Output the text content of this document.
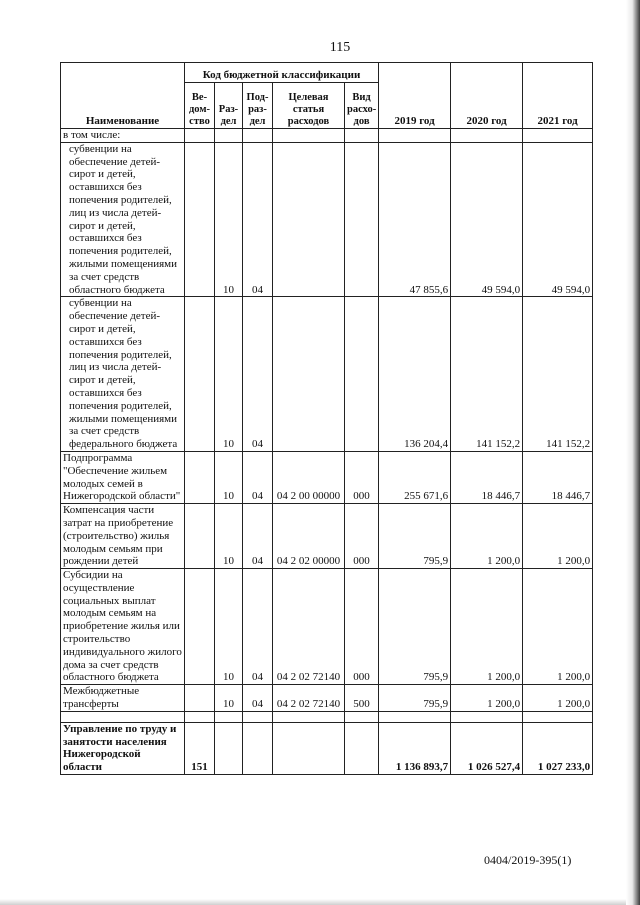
115
Наименование	Код бюджетной классификации					2019 год	2020 год	2021 год
	Ве-дом-ство	Раз-дел	Под-раз-дел	Целевая статья расходов	Вид расхо-дов			
в том числе:								
субвенции на обеспечение детей-сирот и детей, оставшихся без попечения родителей, лиц из числа детей-сирот и детей, оставшихся без попечения родителей, жилыми помещениями за счет средств областного бюджета		10	04			47 855,6	49 594,0	49 594,0
субвенции на обеспечение детей-сирот и детей, оставшихся без попечения родителей, лиц из числа детей-сирот и детей, оставшихся без попечения родителей, жилыми помещениями за счет средств федерального бюджета		10	04			136 204,4	141 152,2	141 152,2
Подпрограмма "Обеспечение жильем молодых семей в Нижегородской области"		10	04	04 2 00 00000	000	255 671,6	18 446,7	18 446,7
Компенсация части затрат на приобретение (строительство) жилья молодым семьям при рождении детей		10	04	04 2 02 00000	000	795,9	1 200,0	1 200,0
Субсидии на осуществление социальных выплат молодым семьям на приобретение жилья или строительство индивидуального жилого дома за счет средств областного бюджета		10	04	04 2 02 72140	000	795,9	1 200,0	1 200,0
Межбюджетные трансферты		10	04	04 2 02 72140	500	795,9	1 200,0	1 200,0

Управление по труду и занятости населения Нижегородской области	151					1 136 893,7	1 026 527,4	1 027 233,0
0404/2019-395(1)
